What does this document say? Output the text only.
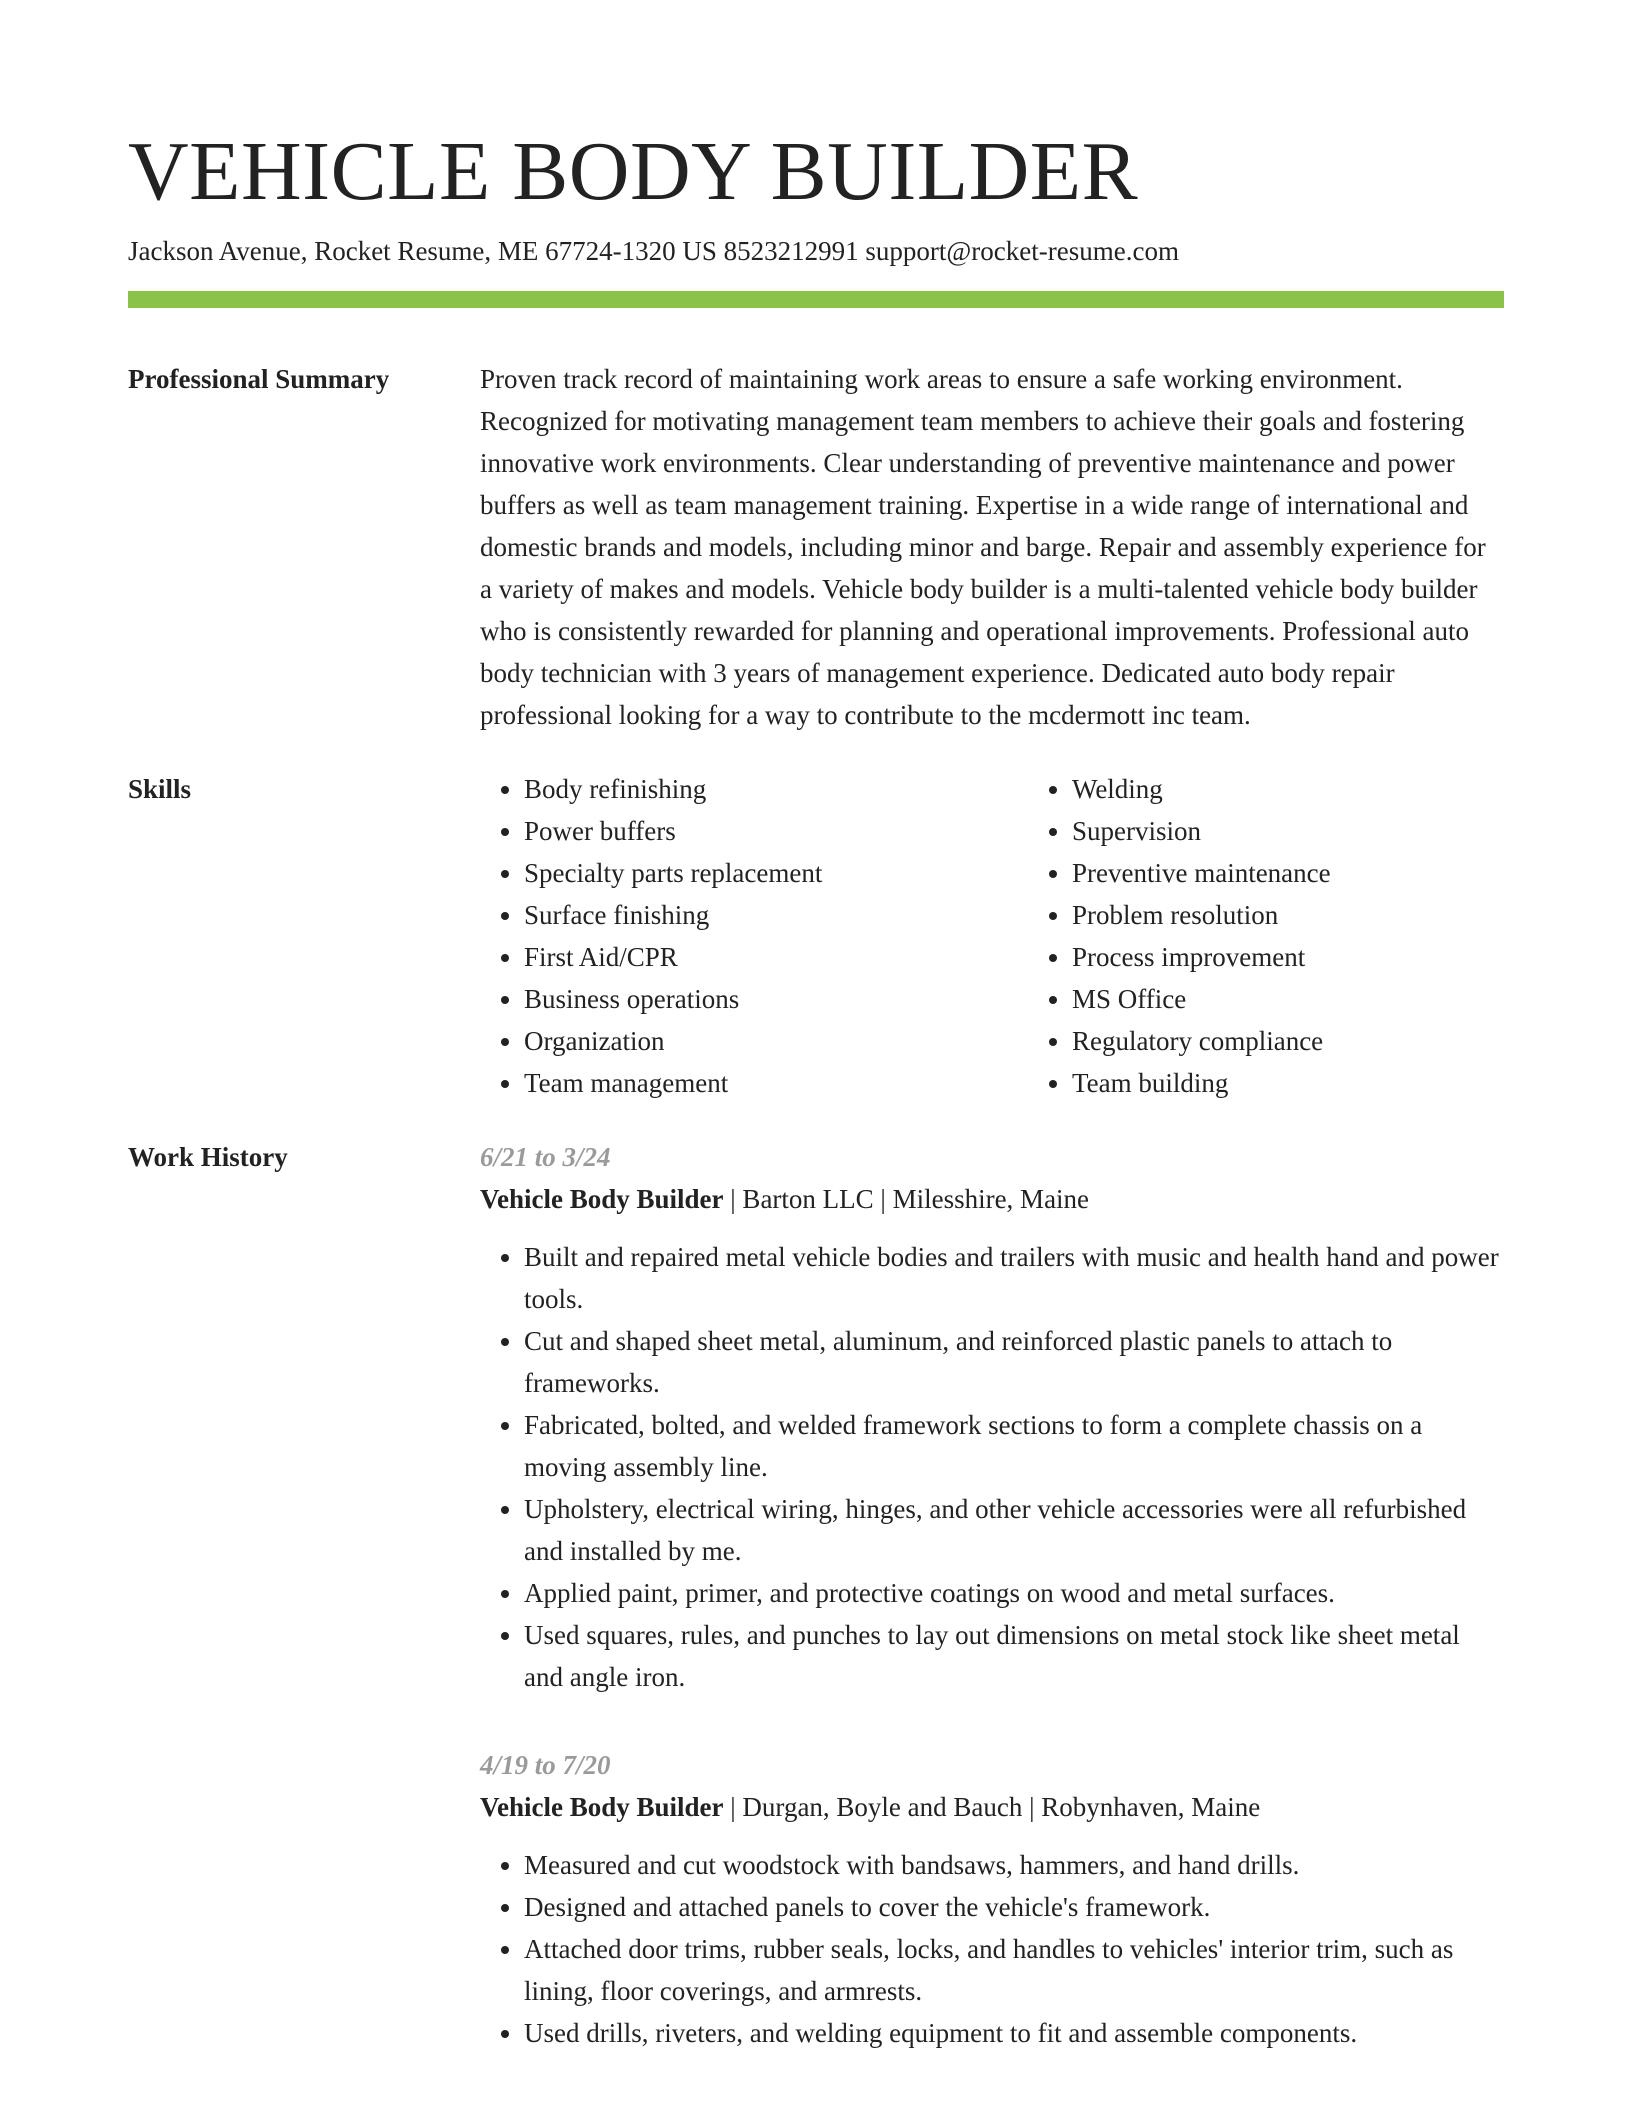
VEHICLE BODY BUILDER
Jackson Avenue, Rocket Resume, ME 67724-1320 US 8523212991 support@rocket-resume.com
Professional Summary	Proven track record of maintaining work areas to ensure a safe working environment. Recognized for motivating management team members to achieve their goals and fostering innovative work environments. Clear understanding of preventive maintenance and power buffers as well as team management training. Expertise in a wide range of international and domestic brands and models, including minor and barge. Repair and assembly experience for a variety of makes and models. Vehicle body builder is a multi-talented vehicle body builder who is consistently rewarded for planning and operational improvements. Professional auto body technician with 3 years of management experience. Dedicated auto body repair professional looking for a way to contribute to the mcdermott inc team.

Skills
•	Body refinishing
• Power buffers
• Specialty parts replacement
• Surface finishing
• First Aid/CPR
• Business operations
• Organization
• Team management
• Welding
• Supervision
• Preventive maintenance
• Problem resolution
• Process improvement
• MS Office
• Regulatory compliance
• Team building
Work History	6/21 to 3/24
Vehicle Body Builder | Barton LLC | Milesshire, Maine
• Built and repaired metal vehicle bodies and trailers with music and health hand and power tools.
• Cut and shaped sheet metal, aluminum, and reinforced plastic panels to attach to frameworks.
• Fabricated, bolted, and welded framework sections to form a complete chassis on a moving assembly line.
• Upholstery, electrical wiring, hinges, and other vehicle accessories were all refurbished and installed by me.
• Applied paint, primer, and protective coatings on wood and metal surfaces.
• Used squares, rules, and punches to lay out dimensions on metal stock like sheet metal and angle iron.
4/19 to 7/20
Vehicle Body Builder | Durgan, Boyle and Bauch | Robynhaven, Maine
• Measured and cut woodstock with bandsaws, hammers, and hand drills.
• Designed and attached panels to cover the vehicle's framework.
• Attached door trims, rubber seals, locks, and handles to vehicles' interior trim, such as lining, floor coverings, and armrests.
• Used drills, riveters, and welding equipment to fit and assemble components.
